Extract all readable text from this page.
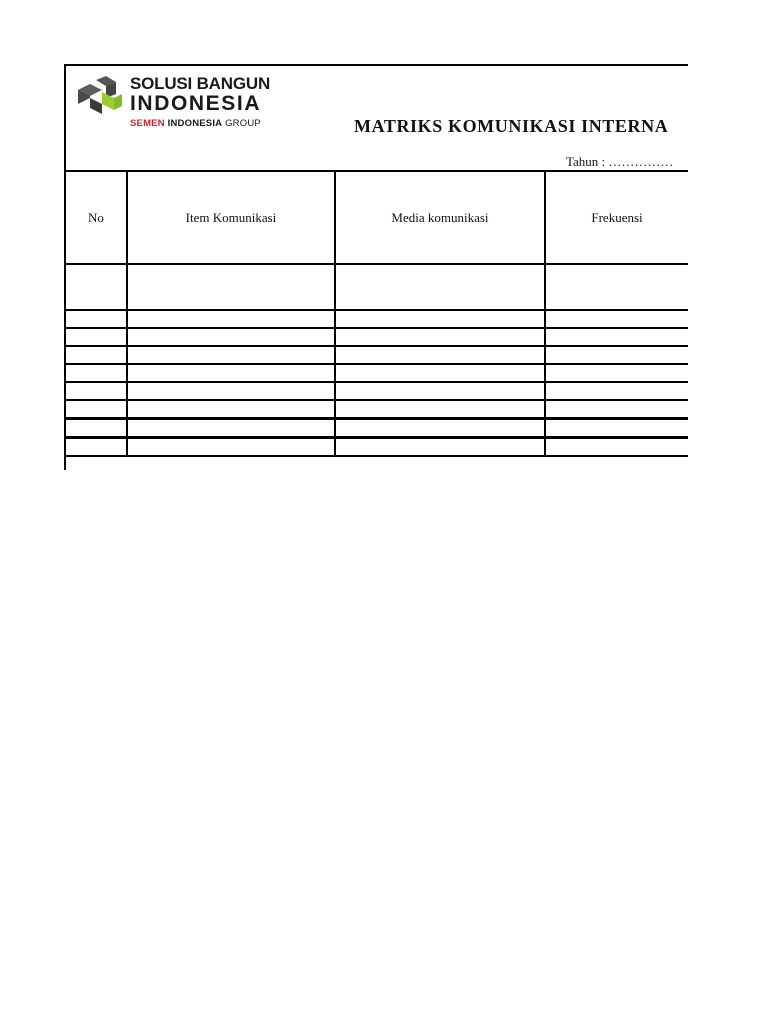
SOLUSI BANGUN
INDONESIA
SEMEN INDONESIA GROUP	MATRIKS KOMUNIKASI INTERNA
Tahun : ……………
No	Item Komunikasi	Media komunikasi	Frekuensi
